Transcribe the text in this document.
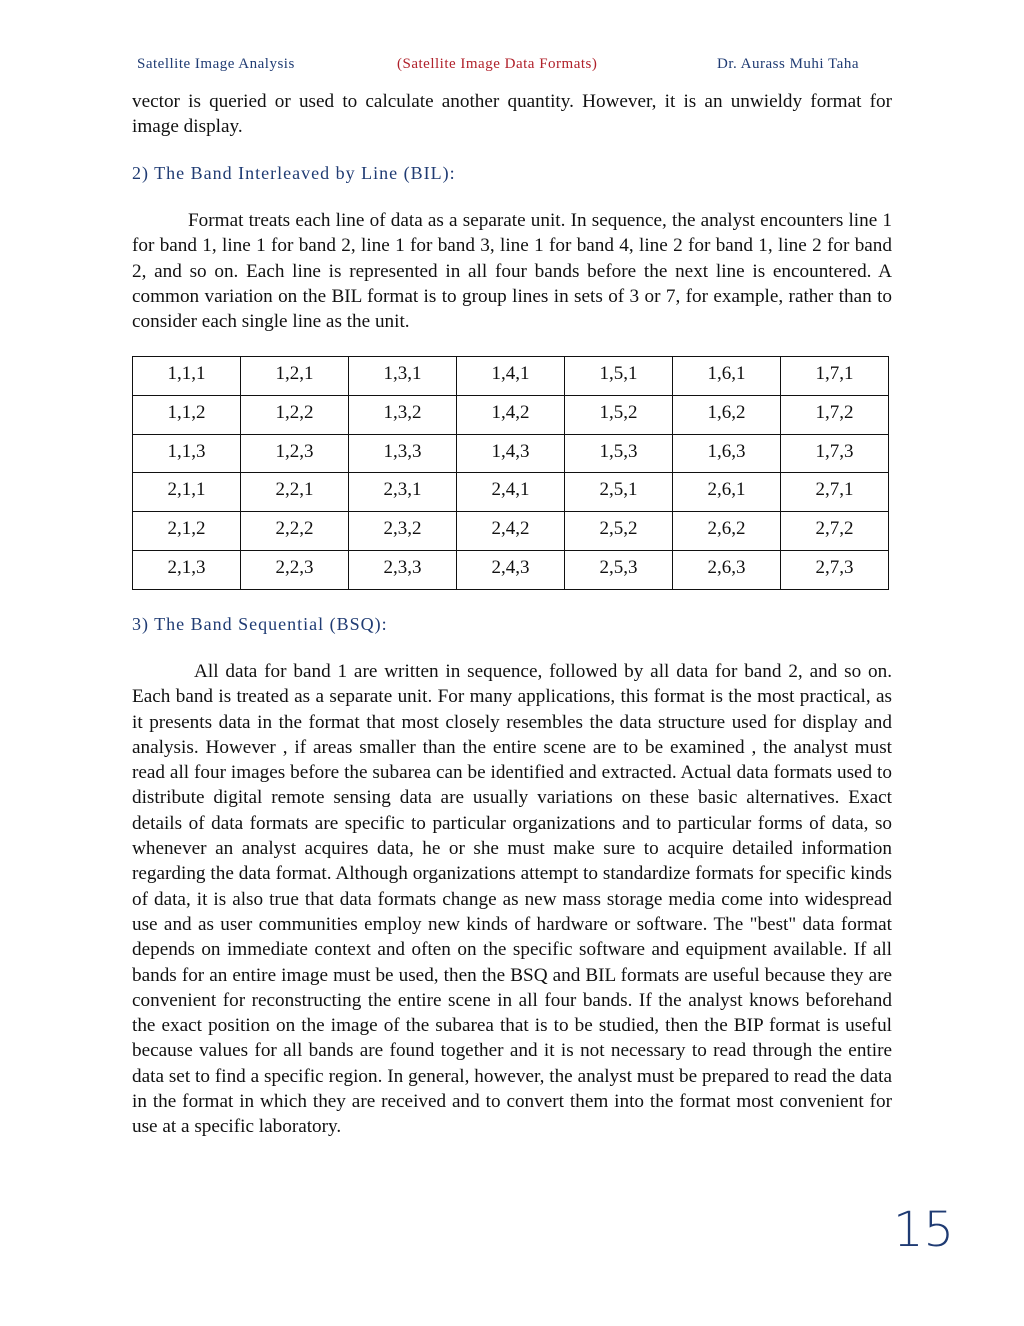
Satellite Image Analysis	(Satellite Image Data Formats)	Dr. Aurass Muhi Taha

vector is queried or used to calculate another quantity. However, it is an unwieldy format for image display.

2) The Band Interleaved by Line (BIL):

Format treats each line of data as a separate unit. In sequence, the analyst encounters line 1 for band 1, line 1 for band 2, line 1 for band 3, line 1 for band 4, line 2 for band 1, line 2 for band 2, and so on. Each line is represented in all four bands before the next line is encountered. A common variation on the BIL format is to group lines in sets of 3 or 7, for example, rather than to consider each single line as the unit.

1,1,1	1,2,1	1,3,1	1,4,1	1,5,1	1,6,1	1,7,1
1,1,2	1,2,2	1,3,2	1,4,2	1,5,2	1,6,2	1,7,2
1,1,3	1,2,3	1,3,3	1,4,3	1,5,3	1,6,3	1,7,3
2,1,1	2,2,1	2,3,1	2,4,1	2,5,1	2,6,1	2,7,1
2,1,2	2,2,2	2,3,2	2,4,2	2,5,2	2,6,2	2,7,2
2,1,3	2,2,3	2,3,3	2,4,3	2,5,3	2,6,3	2,7,3

3) The Band Sequential (BSQ):

All data for band 1 are written in sequence, followed by all data for band 2, and so on. Each band is treated as a separate unit. For many applications, this format is the most practical, as it presents data in the format that most closely resembles the data structure used for display and analysis. However , if areas smaller than the entire scene are to be examined , the analyst must read all four images before the subarea can be identified and extracted. Actual data formats used to distribute digital remote sensing data are usually variations on these basic alternatives. Exact details of data formats are specific to particular organizations and to particular forms of data, so whenever an analyst acquires data, he or she must make sure to acquire detailed information regarding the data format. Although organizations attempt to standardize formats for specific kinds of data, it is also true that data formats change as new mass storage media come into widespread use and as user communities employ new kinds of hardware or software. The "best" data format depends on immediate context and often on the specific software and equipment available. If all bands for an entire image must be used, then the BSQ and BIL formats are useful because they are convenient for reconstructing the entire scene in all four bands. If the analyst knows beforehand the exact position on the image of the subarea that is to be studied, then the BIP format is useful because values for all bands are found together and it is not necessary to read through the entire data set to find a specific region. In general, however, the analyst must be prepared to read the data in the format in which they are received and to convert them into the format most convenient for use at a specific laboratory.

15
